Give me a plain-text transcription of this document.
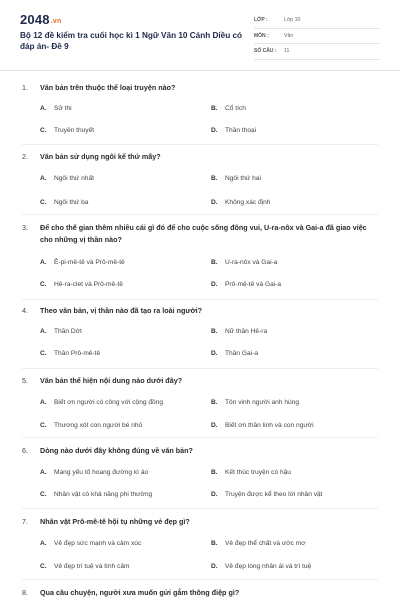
2048.vn
Bộ 12 đề kiểm tra cuối học kì 1 Ngữ Văn 10 Cánh Diều có đáp án- Đề 9
LỚP :	Lớp 10
MÔN :	Văn
SỐ CÂU :	11
1.	Văn bản trên thuộc thể loại truyện nào?
A.	Sử thi	B.	Cổ tích
C.	Truyền thuyết	D.	Thần thoại
2.	Văn bản sử dụng ngôi kể thứ mấy?
A.	Ngôi thứ nhất	B.	Ngôi thứ hai
C.	Ngôi thứ ba	D.	Không xác định
3.	Để cho thế gian thêm nhiều cái gì đó để cho cuộc sống đông vui, U-ra-nôx và Gai-a đã giao việc cho những vị thần nào?
A.	Ê-pi-mê-tê và Prô-mê-tê	B.	U-ra-nôx và Gai-a
C.	Hê-ra-clet và Prô-mê-tê	D.	Prô-mê-tê và Gai-a
4.	Theo văn bản, vị thần nào đã tạo ra loài người?
A.	Thần Dớt	B.	Nữ thần Hê-ra
C.	Thần Prô-mê-tê	D.	Thần Gai-a
5.	Văn bản thể hiện nội dung nào dưới đây?
A.	Biết ơn người có công với cộng đồng	B.	Tôn vinh người anh hùng
C.	Thương xót con người bé nhỏ	D.	Biết ơn thần linh và con người
6.	Dòng nào dưới đây không đúng về văn bản?
A.	Mang yếu tố hoang đường kì ảo	B.	Kết thúc truyện có hậu
C.	Nhân vật có khả năng phi thường	D.	Truyện được kể theo lời nhân vật
7.	Nhân vật Prô-mê-tê hội tụ những vẻ đẹp gì?
A.	Vẻ đẹp sức mạnh và cảm xúc	B.	Vẻ đẹp thể chất và ước mơ
C.	Vẻ đẹp trí tuệ và tình cảm	D.	Vẻ đẹp lòng nhân ái và trí tuệ
8.	Qua câu chuyện, người xưa muốn gửi gắm thông điệp gì?
